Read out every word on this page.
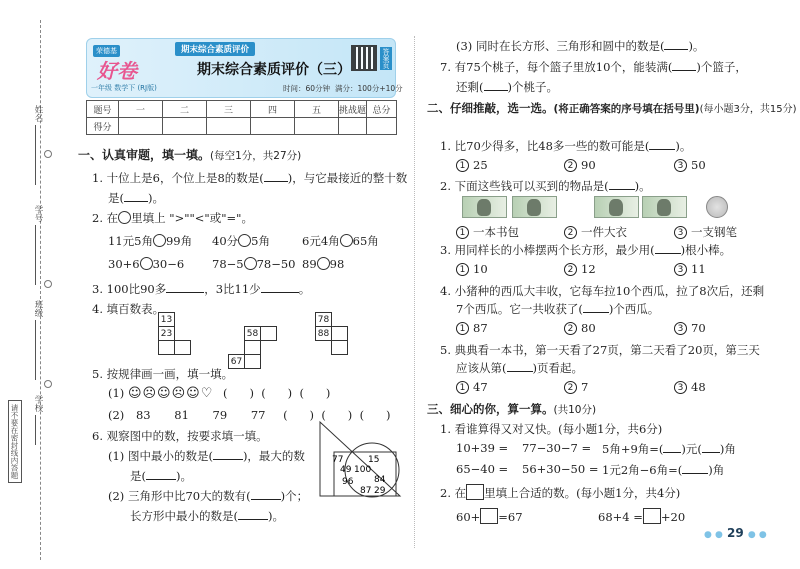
姓名
学号
班级
学校
请不要在密封线内答题
荣德基
好卷
一年级 数学下 (RJ版)
期末综合素质评价
期末综合素质评价（三）
时间：60分钟 满分：100分+10分
答案页
题号	一	二	三	四	五	挑战题	总分
得分							
一、认真审题，填一填。(每空1分，共27分)
1. 十位上是6，个位上是8的数是( )，与它最接近的整十数
是( )。
2. 在 里填上 ">""<"或"="。
11元5角 99角 40分 5角	6元4角 65角
30+6 30−6 78−5 78−50 89 98
3. 100比90多	，3比11少	。
4. 填百数表。
13	
23	

		58	

67		
78	
88	

5. 按规律画一画，填一填。
(1) ☺☹☺☹☺♡ (      )  (      )  (      )
(2) 83 81 79 77 (      )  (      )  (      )
6. 观察图中的数，按要求填一填。
(1) 图中最小的数是(	)，最大的数
是(	)。
(2) 三角形中比70大的数有(	)个；
长方形中最小的数是(	)。
77	15
49 100
96 84
87 29
(3) 同时在长方形、三角形和圆中的数是( )。
7. 有75个桃子，每个篮子里放10个，能装满( )个篮子，
还剩( )个桃子。
二、仔细推敲，选一选。(将正确答案的序号填在括号里)(每小题3分，共15分)
1. 比70少得多，比48多一些的数可能是( )。
1 25	2 90	3 50
2. 下面这些钱可以买到的物品是( )。
1 一本书包	2 一件大衣	3 一支钢笔
3. 用同样长的小棒摆两个长方形，最少用( )根小棒。
1 10	2 12	3 11
4. 小猪种的西瓜大丰收，它每车拉10个西瓜，拉了8次后，还剩
7个西瓜。它一共收获了( )个西瓜。
1 87	2 80	3 70
5. 典典看一本书，第一天看了27页，第二天看了20页，第三天
应该从第( )页看起。
1 47	2 7	3 48
三、细心的你，算一算。(共10分)
1. 看谁算得又对又快。(每小题1分，共6分)
10+39 = 77−30−7 = 5角+9角=( )元( )角
65−40 = 56+30−50 = 1元2角−6角=( )角
2. 在 里填上合适的数。(每小题1分，共4分)
60+ =67	68+4 = +20
● ● 29 ● ●
